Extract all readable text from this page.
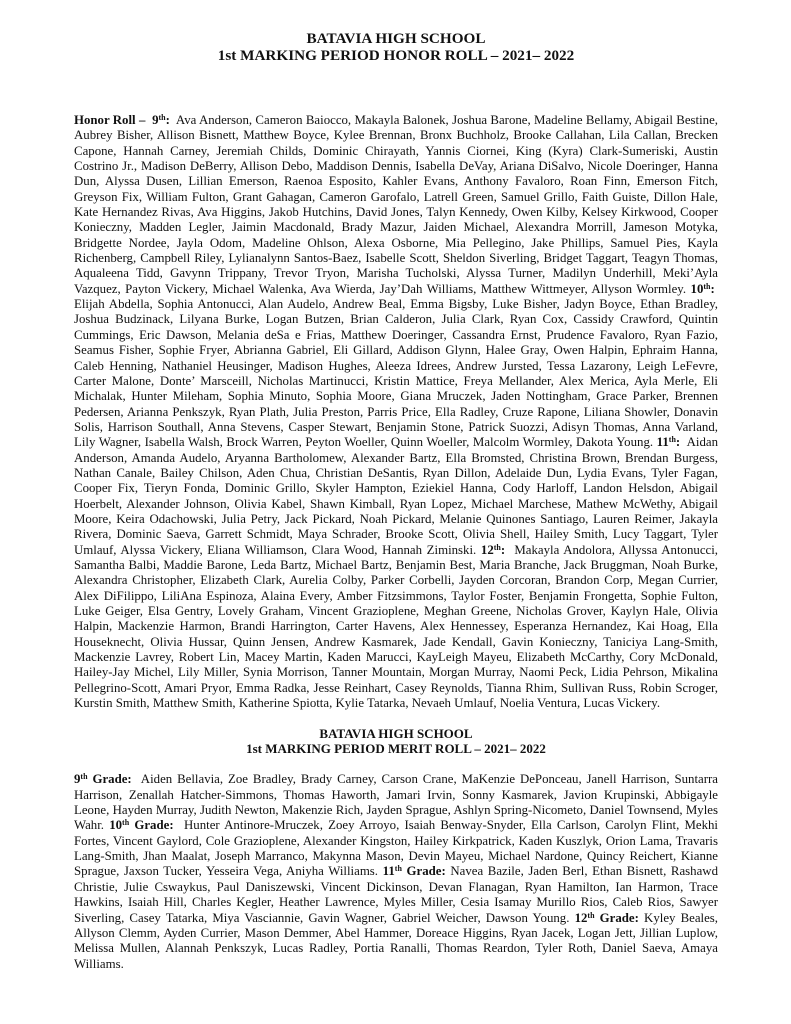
BATAVIA HIGH SCHOOL

1st MARKING PERIOD HONOR ROLL – 2021– 2022

Honor Roll – 9th: Ava Anderson, Cameron Baiocco, Makayla Balonek, Joshua Barone, Madeline Bellamy, Abigail Bestine, Aubrey Bisher, Allison Bisnett, Matthew Boyce, Kylee Brennan, Bronx Buchholz, Brooke Callahan, Lila Callan, Brecken Capone, Hannah Carney, Jeremiah Childs, Dominic Chirayath, Yannis Ciornei, King (Kyra) Clark-Sumeriski, Austin Costrino Jr., Madison DeBerry, Allison Debo, Maddison Dennis, Isabella DeVay, Ariana DiSalvo, Nicole Doeringer, Hanna Dun, Alyssa Dusen, Lillian Emerson, Raenoa Esposito, Kahler Evans, Anthony Favaloro, Roan Finn, Emerson Fitch, Greyson Fix, William Fulton, Grant Gahagan, Cameron Garofalo, Latrell Green, Samuel Grillo, Faith Guiste, Dillon Hale, Kate Hernandez Rivas, Ava Higgins, Jakob Hutchins, David Jones, Talyn Kennedy, Owen Kilby, Kelsey Kirkwood, Cooper Konieczny, Madden Legler, Jaimin Macdonald, Brady Mazur, Jaiden Michael, Alexandra Morrill, Jameson Motyka, Bridgette Nordee, Jayla Odom, Madeline Ohlson, Alexa Osborne, Mia Pellegino, Jake Phillips, Samuel Pies, Kayla Richenberg, Campbell Riley, Lylianalynn Santos-Baez, Isabelle Scott, Sheldon Siverling, Bridget Taggart, Teagyn Thomas, Aqualeena Tidd, Gavynn Trippany, Trevor Tryon, Marisha Tucholski, Alyssa Turner, Madilyn Underhill, Meki’Ayla Vazquez, Payton Vickery, Michael Walenka, Ava Wierda, Jay’Dah Williams, Matthew Wittmeyer, Allyson Wormley. 10th:  Elijah Abdella, Sophia Antonucci, Alan Audelo, Andrew Beal, Emma Bigsby, Luke Bisher, Jadyn Boyce, Ethan Bradley, Joshua Budzinack, Lilyana Burke, Logan Butzen, Brian Calderon, Julia Clark, Ryan Cox, Cassidy Crawford, Quintin Cummings, Eric Dawson, Melania deSa e Frias, Matthew Doeringer, Cassandra Ernst, Prudence Favaloro, Ryan Fazio, Seamus Fisher, Sophie Fryer, Abrianna Gabriel, Eli Gillard, Addison Glynn, Halee Gray, Owen Halpin, Ephraim Hanna, Caleb Henning, Nathaniel Heusinger, Madison Hughes, Aleeza Idrees, Andrew Jursted, Tessa Lazarony, Leigh LeFevre, Carter Malone, Donte’ Marsceill, Nicholas Martinucci, Kristin Mattice, Freya Mellander, Alex Merica, Ayla Merle, Eli Michalak, Hunter Mileham, Sophia Minuto, Sophia Moore, Giana Mruczek, Jaden Nottingham, Grace Parker, Brennen Pedersen, Arianna Penkszyk, Ryan Plath, Julia Preston, Parris Price, Ella Radley, Cruze Rapone, Liliana Showler, Donavin Solis, Harrison Southall, Anna Stevens, Casper Stewart, Benjamin Stone, Patrick Suozzi, Adisyn Thomas, Anna Varland, Lily Wagner, Isabella Walsh, Brock Warren, Peyton Woeller, Quinn Woeller, Malcolm Wormley, Dakota Young. 11th: Aidan Anderson, Amanda Audelo, Aryanna Bartholomew, Alexander Bartz, Ella Bromsted, Christina Brown, Brendan Burgess, Nathan Canale, Bailey Chilson, Aden Chua, Christian DeSantis, Ryan Dillon, Adelaide Dun, Lydia Evans, Tyler Fagan, Cooper Fix, Tieryn Fonda, Dominic Grillo, Skyler Hampton, Eziekiel Hanna, Cody Harloff, Landon Helsdon, Abigail Hoerbelt, Alexander Johnson, Olivia Kabel, Shawn Kimball, Ryan Lopez, Michael Marchese, Mathew McWethy, Abigail Moore, Keira Odachowski, Julia Petry, Jack Pickard, Noah Pickard, Melanie Quinones Santiago, Lauren Reimer, Jakayla Rivera, Dominic Saeva, Garrett Schmidt, Maya Schrader, Brooke Scott, Olivia Shell, Hailey Smith, Lucy Taggart, Tyler Umlauf, Alyssa Vickery, Eliana Williamson, Clara Wood, Hannah Ziminski. 12th: Makayla Andolora, Allyssa Antonucci, Samantha Balbi, Maddie Barone, Leda Bartz, Michael Bartz, Benjamin Best, Maria Branche, Jack Bruggman, Noah Burke, Alexandra Christopher, Elizabeth Clark, Aurelia Colby, Parker Corbelli, Jayden Corcoran, Brandon Corp, Megan Currier, Alex DiFilippo, LiliAna Espinoza, Alaina Every, Amber Fitzsimmons, Taylor Foster, Benjamin Frongetta, Sophie Fulton, Luke Geiger, Elsa Gentry, Lovely Graham, Vincent Grazioplene, Meghan Greene, Nicholas Grover, Kaylyn Hale, Olivia Halpin, Mackenzie Harmon, Brandi Harrington, Carter Havens, Alex Hennessey, Esperanza Hernandez, Kai Hoag, Ella Houseknecht, Olivia Hussar, Quinn Jensen, Andrew Kasmarek, Jade Kendall, Gavin Konieczny, Taniciya Lang-Smith, Mackenzie Lavrey, Robert Lin, Macey Martin, Kaden Marucci, KayLeigh Mayeu, Elizabeth McCarthy, Cory McDonald, Hailey-Jay Michel, Lily Miller, Synia Morrison, Tanner Mountain, Morgan Murray, Naomi Peck, Lidia Pehrson, Mikalina Pellegrino-Scott, Amari Pryor, Emma Radka, Jesse Reinhart, Casey Reynolds, Tianna Rhim, Sullivan Russ, Robin Scroger, Kurstin Smith, Matthew Smith, Katherine Spiotta, Kylie Tatarka, Nevaeh Umlauf, Noelia Ventura, Lucas Vickery.

BATAVIA HIGH SCHOOL

1st MARKING PERIOD MERIT ROLL – 2021– 2022

9th Grade: Aiden Bellavia, Zoe Bradley, Brady Carney, Carson Crane, MaKenzie DePonceau, Janell Harrison, Suntarra Harrison, Zenallah Hatcher-Simmons, Thomas Haworth, Jamari Irvin, Sonny Kasmarek, Javion Krupinski, Abbigayle Leone, Hayden Murray, Judith Newton, Makenzie Rich, Jayden Sprague, Ashlyn Spring-Nicometo, Daniel Townsend, Myles Wahr. 10th Grade: Hunter Antinore-Mruczek, Zoey Arroyo, Isaiah Benway-Snyder, Ella Carlson, Carolyn Flint, Mekhi Fortes, Vincent Gaylord, Cole Grazioplene, Alexander Kingston, Hailey Kirkpatrick, Kaden Kuszlyk, Orion Lama, Travaris Lang-Smith, Jhan Maalat, Joseph Marranco, Makynna Mason, Devin Mayeu, Michael Nardone, Quincy Reichert, Kianne Sprague, Jaxson Tucker, Yesseira Vega, Aniyha Williams. 11th Grade: Navea Bazile, Jaden Berl, Ethan Bisnett, Rashawd Christie, Julie Cswaykus, Paul Daniszewski, Vincent Dickinson, Devan Flanagan, Ryan Hamilton, Ian Harmon, Trace Hawkins, Isaiah Hill, Charles Kegler, Heather Lawrence, Myles Miller, Cesia Isamay Murillo Rios, Caleb Rios, Sawyer Siverling, Casey Tatarka, Miya Vasciannie, Gavin Wagner, Gabriel Weicher, Dawson Young. 12th Grade: Kyley Beales, Allyson Clemm, Ayden Currier, Mason Demmer, Abel Hammer, Doreace Higgins, Ryan Jacek, Logan Jett, Jillian Luplow, Melissa Mullen, Alannah Penkszyk, Lucas Radley, Portia Ranalli, Thomas Reardon, Tyler Roth, Daniel Saeva, Amaya Williams.
